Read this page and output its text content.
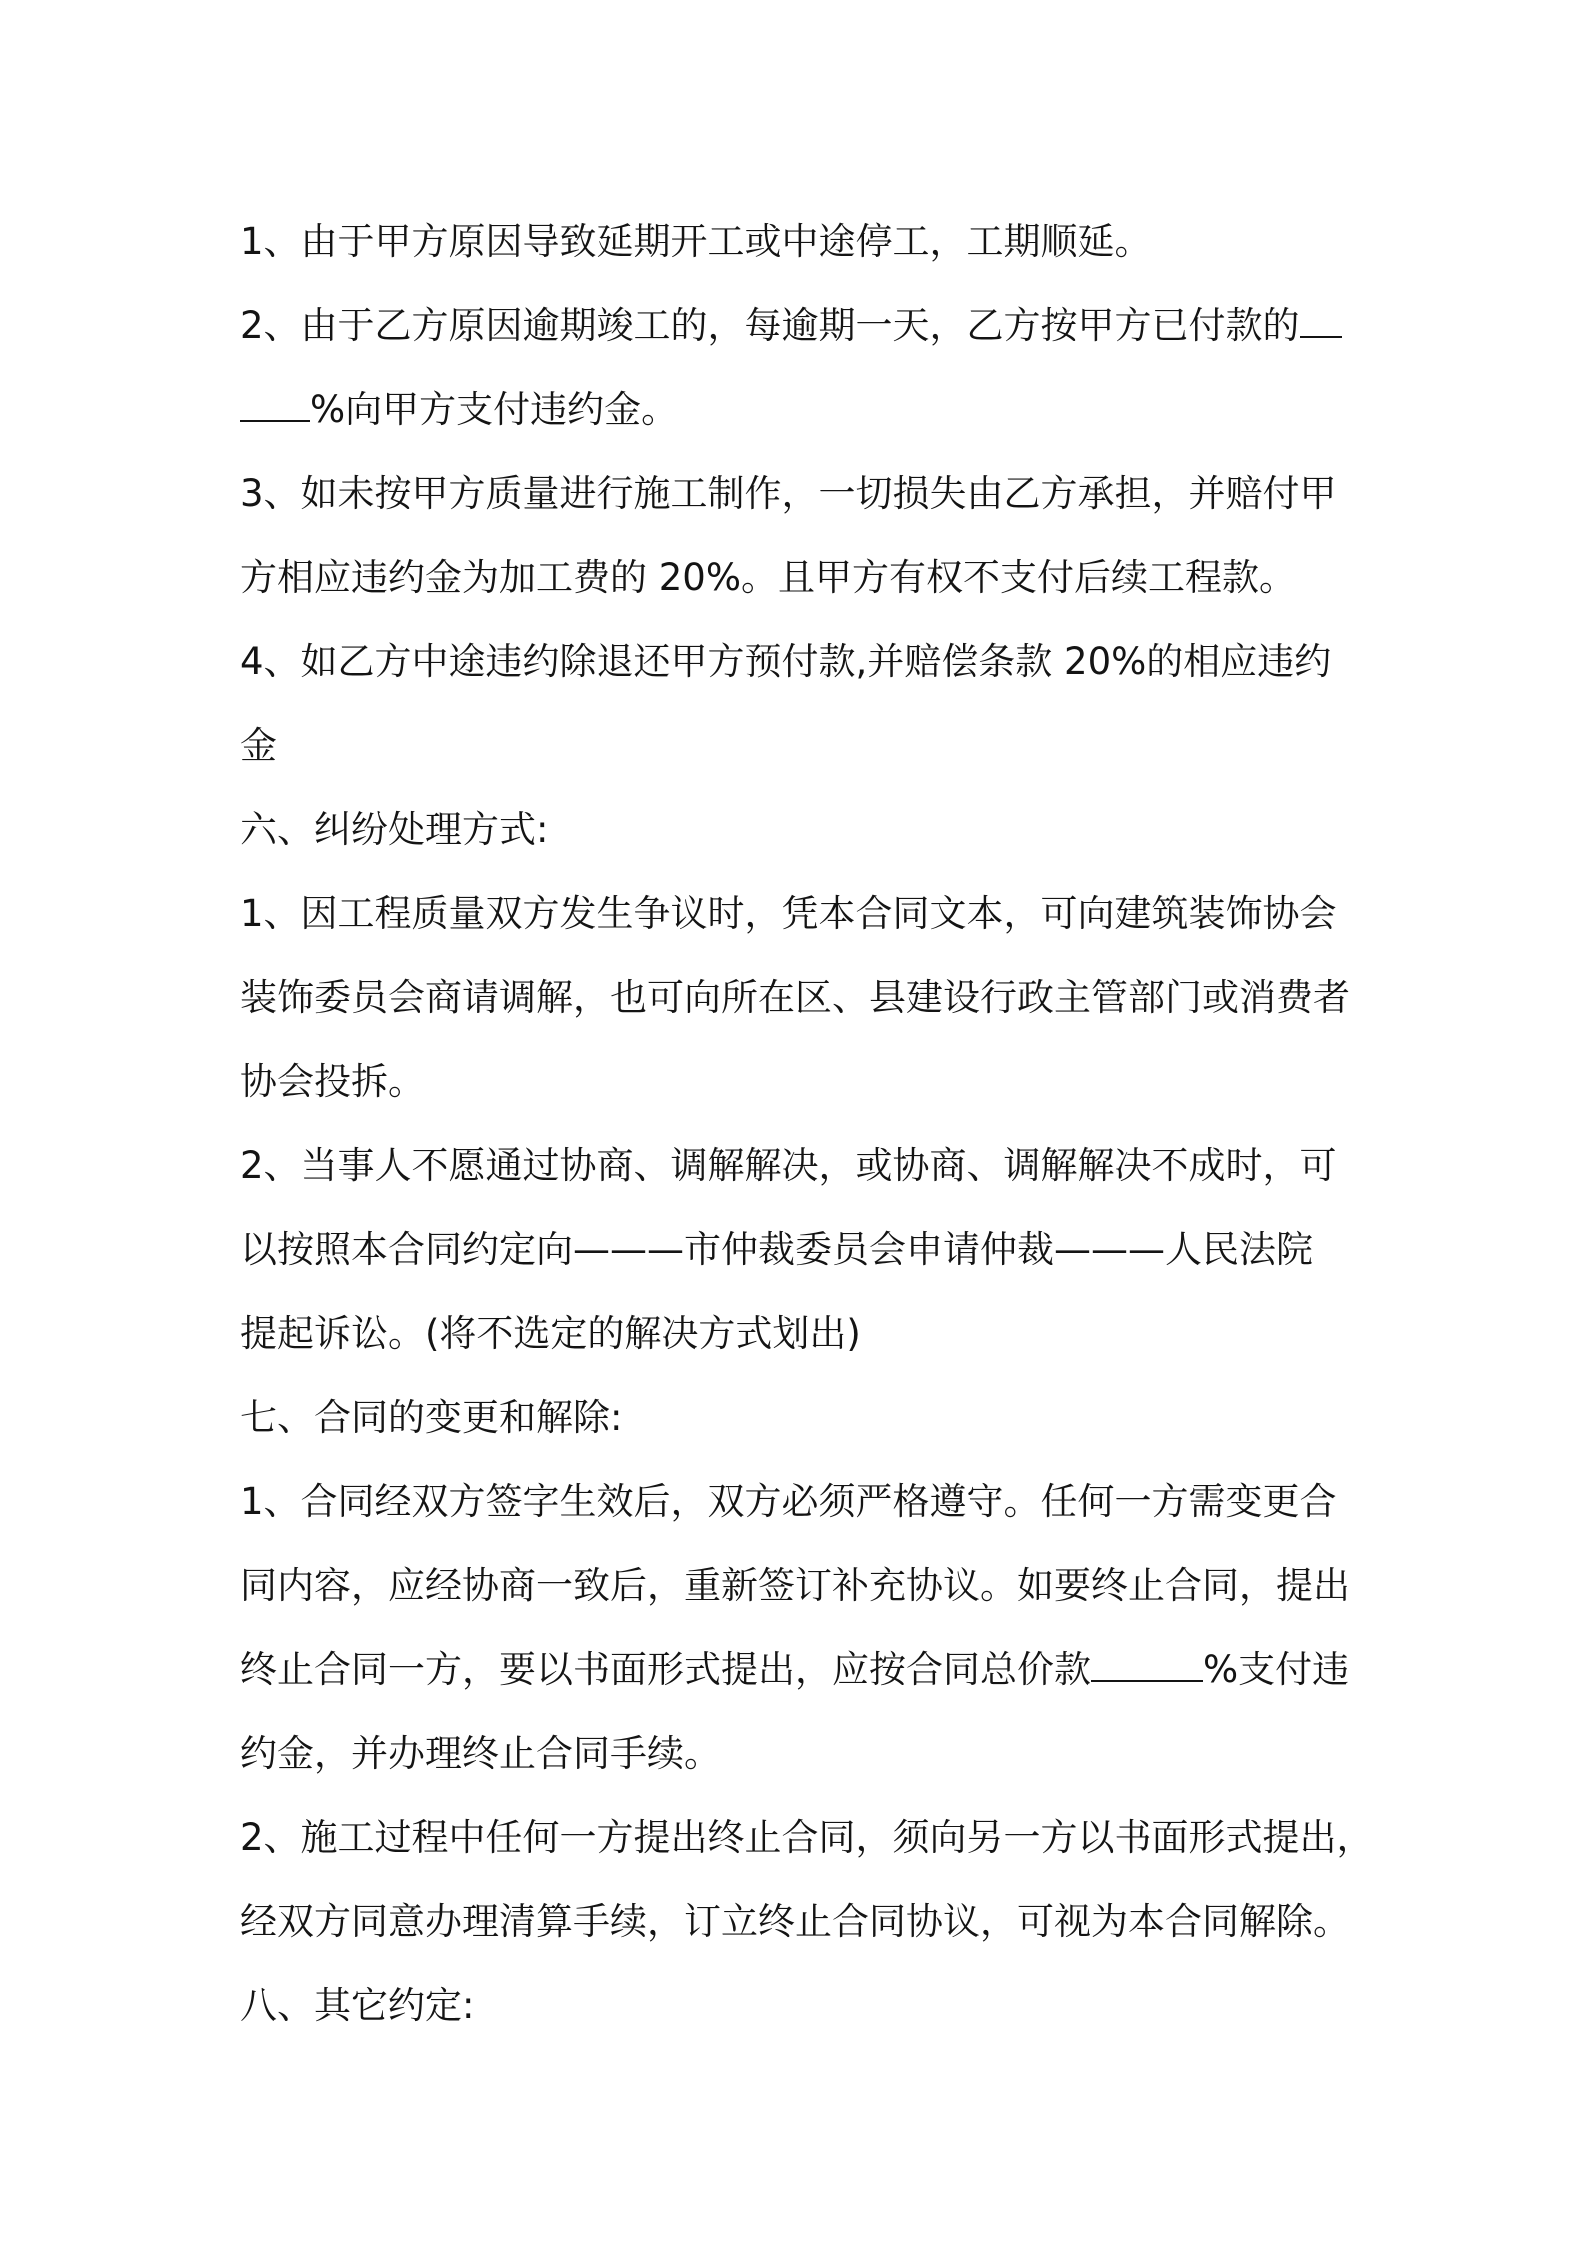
1、由于甲方原因导致延期开工或中途停工，工期顺延。
2、由于乙方原因逾期竣工的，每逾期一天，乙方按甲方已付款的
%向甲方支付违约金。
3、如未按甲方质量进行施工制作，一切损失由乙方承担，并赔付甲
方相应违约金为加工费的 20%。且甲方有权不支付后续工程款。
4、如乙方中途违约除退还甲方预付款,并赔偿条款 20%的相应违约
金
六、纠纷处理方式:
1、因工程质量双方发生争议时，凭本合同文本，可向建筑装饰协会
装饰委员会商请调解，也可向所在区、县建设行政主管部门或消费者
协会投拆。
2、当事人不愿通过协商、调解解决，或协商、调解解决不成时，可
以按照本合同约定向———市仲裁委员会申请仲裁———人民法院
提起诉讼。(将不选定的解决方式划出)
七、合同的变更和解除:
1、合同经双方签字生效后，双方必须严格遵守。任何一方需变更合
同内容，应经协商一致后，重新签订补充协议。如要终止合同，提出
终止合同一方，要以书面形式提出，应按合同总价款	%支付违
约金，并办理终止合同手续。
2、施工过程中任何一方提出终止合同，须向另一方以书面形式提出，
经双方同意办理清算手续，订立终止合同协议，可视为本合同解除。
八、其它约定:
